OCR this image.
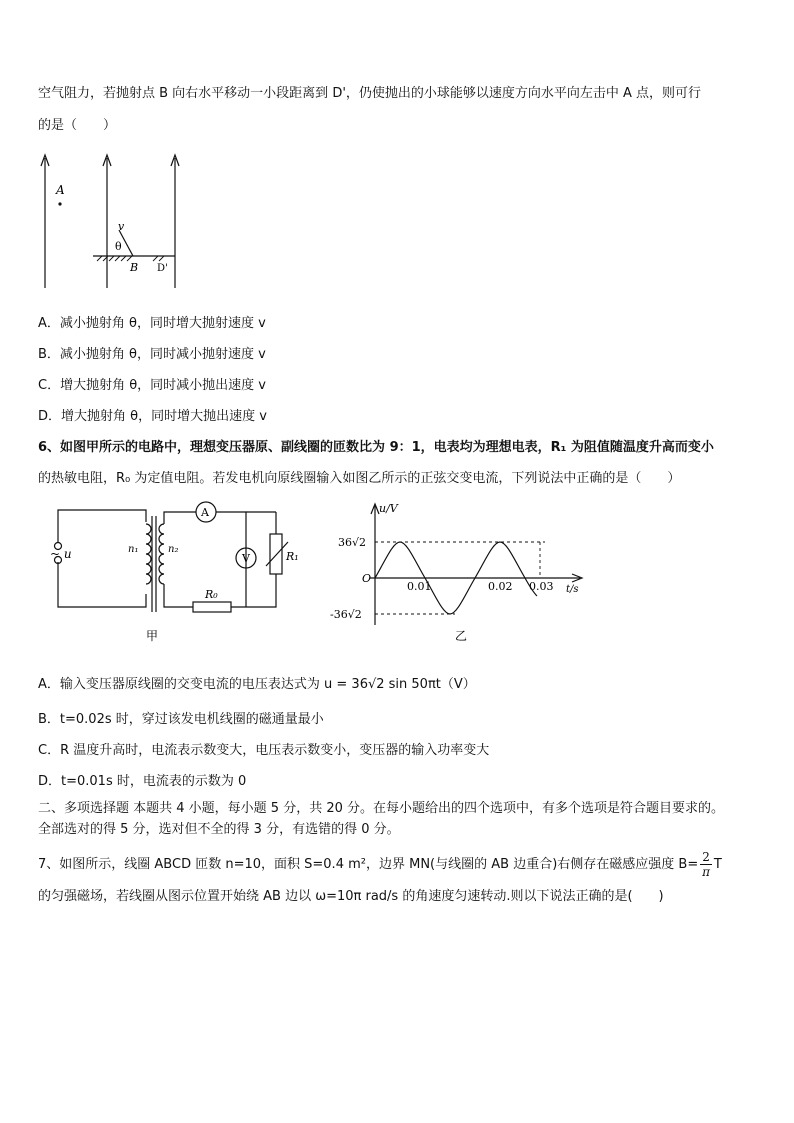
空气阻力，若抛射点 B 向右水平移动一小段距离到 D'，仍使抛出的小球能够以速度方向水平向左击中 A 点，则可行
的是（　　）
A
v
θ
B D'
A．减小抛射角 θ，同时增大抛射速度 v
B．减小抛射角 θ，同时减小抛射速度 v
C．增大抛射角 θ，同时减小抛出速度 v
D．增大抛射角 θ，同时增大抛出速度 v
6、如图甲所示的电路中，理想变压器原、副线圈的匝数比为 9：1，电表均为理想电表，R₁ 为阻值随温度升高而变小
的热敏电阻，R₀ 为定值电阻。若发电机向原线圈输入如图乙所示的正弦交变电流，下列说法中正确的是（　　）
~ u	n₁	n₂
A
V	R₁
R₀
甲
u/V
t/s
36√2
-36√2
O
0.01	0.02 0.03
乙
A．输入变压器原线圈的交变电流的电压表达式为 u = 36√2 sin 50πt（V）
B．t=0.02s 时，穿过该发电机线圈的磁通量最小
C．R 温度升高时，电流表示数变大，电压表示数变小，变压器的输入功率变大
D．t=0.01s 时，电流表的示数为 0
二、多项选择题 本题共 4 小题，每小题 5 分，共 20 分。在每小题给出的四个选项中，有多个选项是符合题目要求的。
全部选对的得 5 分，选对但不全的得 3 分，有选错的得 0 分。
7、如图所示，线圈 ABCD 匝数 n=10，面积 S=0.4 m²，边界 MN(与线圈的 AB 边重合)右侧存在磁感应强度 $B= \frac{2}{\pi}$ T
的匀强磁场，若线圈从图示位置开始绕 AB 边以 ω=10π rad/s 的角速度匀速转动.则以下说法正确的是(　　)
